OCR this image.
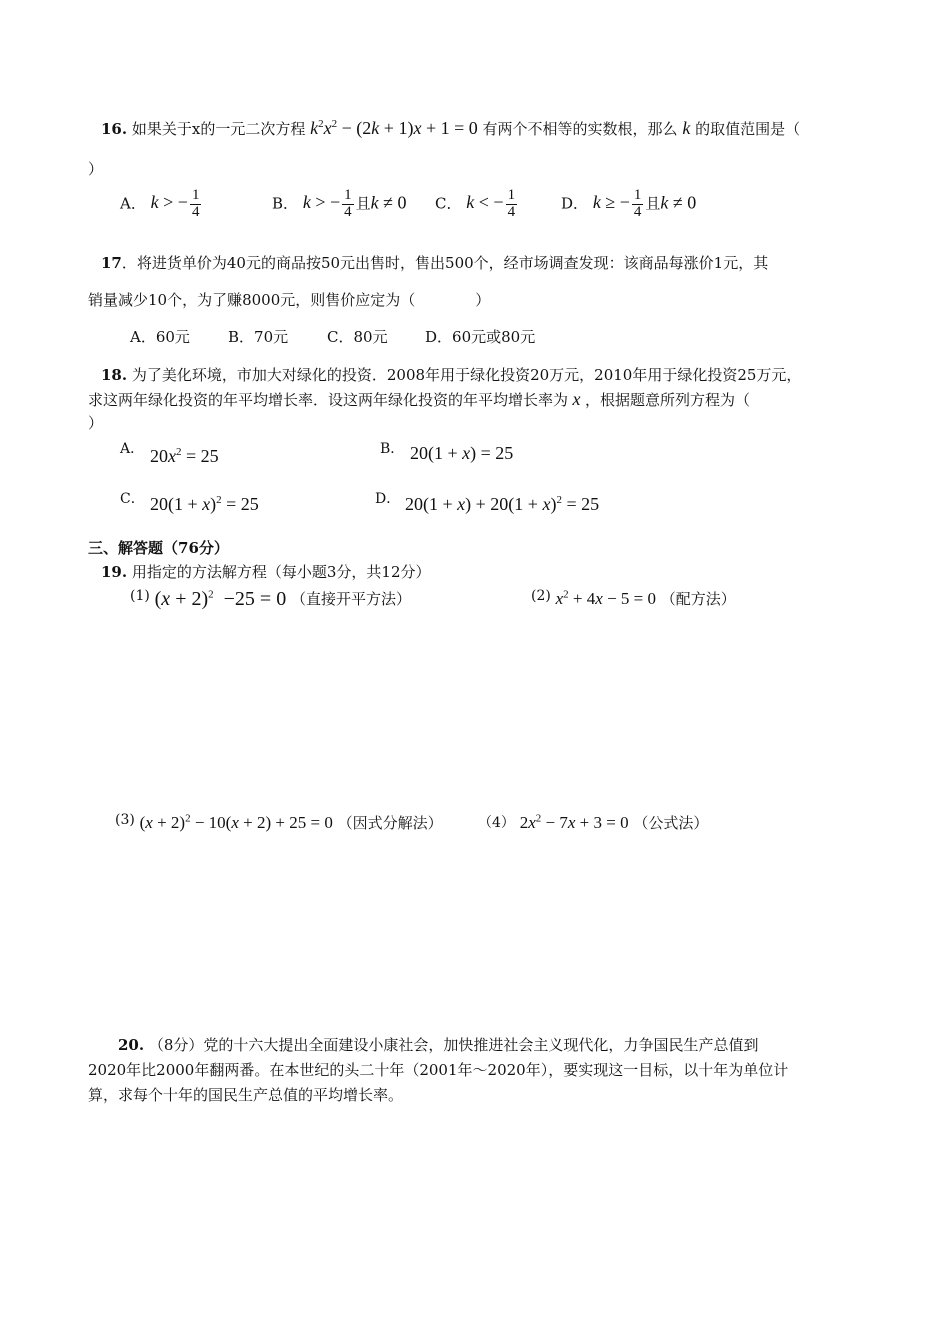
16. 如果关于x的一元二次方程 $k^2x^2 - (2k + 1)x + 1 = 0$ 有两个不相等的实数根，那么 k 的取值范围是（
）
A． k > − $\frac{1}{4}$	B． k > − $\frac{1}{4}$ 且k ≠ 0 C． k < − $\frac{1}{4}$	D． k ≥ − $\frac{1}{4}$ 且k ≠ 0
17．将进货单价为40元的商品按50元出售时，售出500个，经市场调查发现：该商品每涨价1元，其
销量减少10个，为了赚8000元，则售价应定为（　　　　）
A．60元	B．70元	C．80元 D．60元或80元
18. 为了美化环境，市加大对绿化的投资．2008年用于绿化投资20万元，2010年用于绿化投资25万元，
求这两年绿化投资的年平均增长率．设这两年绿化投资的年平均增长率为 x ，根据题意所列方程为（
）
A． $20x^2 = 25$	B． 20(1 + x) = 25
C． $20(1 + x)^2 = 25$	D． $20(1 + x) + 20(1 + x)^2 = 25$
三、解答题（76分）
19. 用指定的方法解方程（每小题3分，共12分）
(1) $(x + 2)^2 -25 = 0$ （直接开平方法）	(2) $x^2 + 4x - 5 = 0$ （配方法）
(3) $(x + 2)^2 - 10(x + 2) + 25 = 0$ （因式分解法）	（4） $2x^2 - 7x + 3 = 0$ （公式法）
20. （8分）党的十六大提出全面建设小康社会，加快推进社会主义现代化，力争国民生产总值到
2020年比2000年翻两番。在本世纪的头二十年（2001年～2020年），要实现这一目标，以十年为单位计
算，求每个十年的国民生产总值的平均增长率。
